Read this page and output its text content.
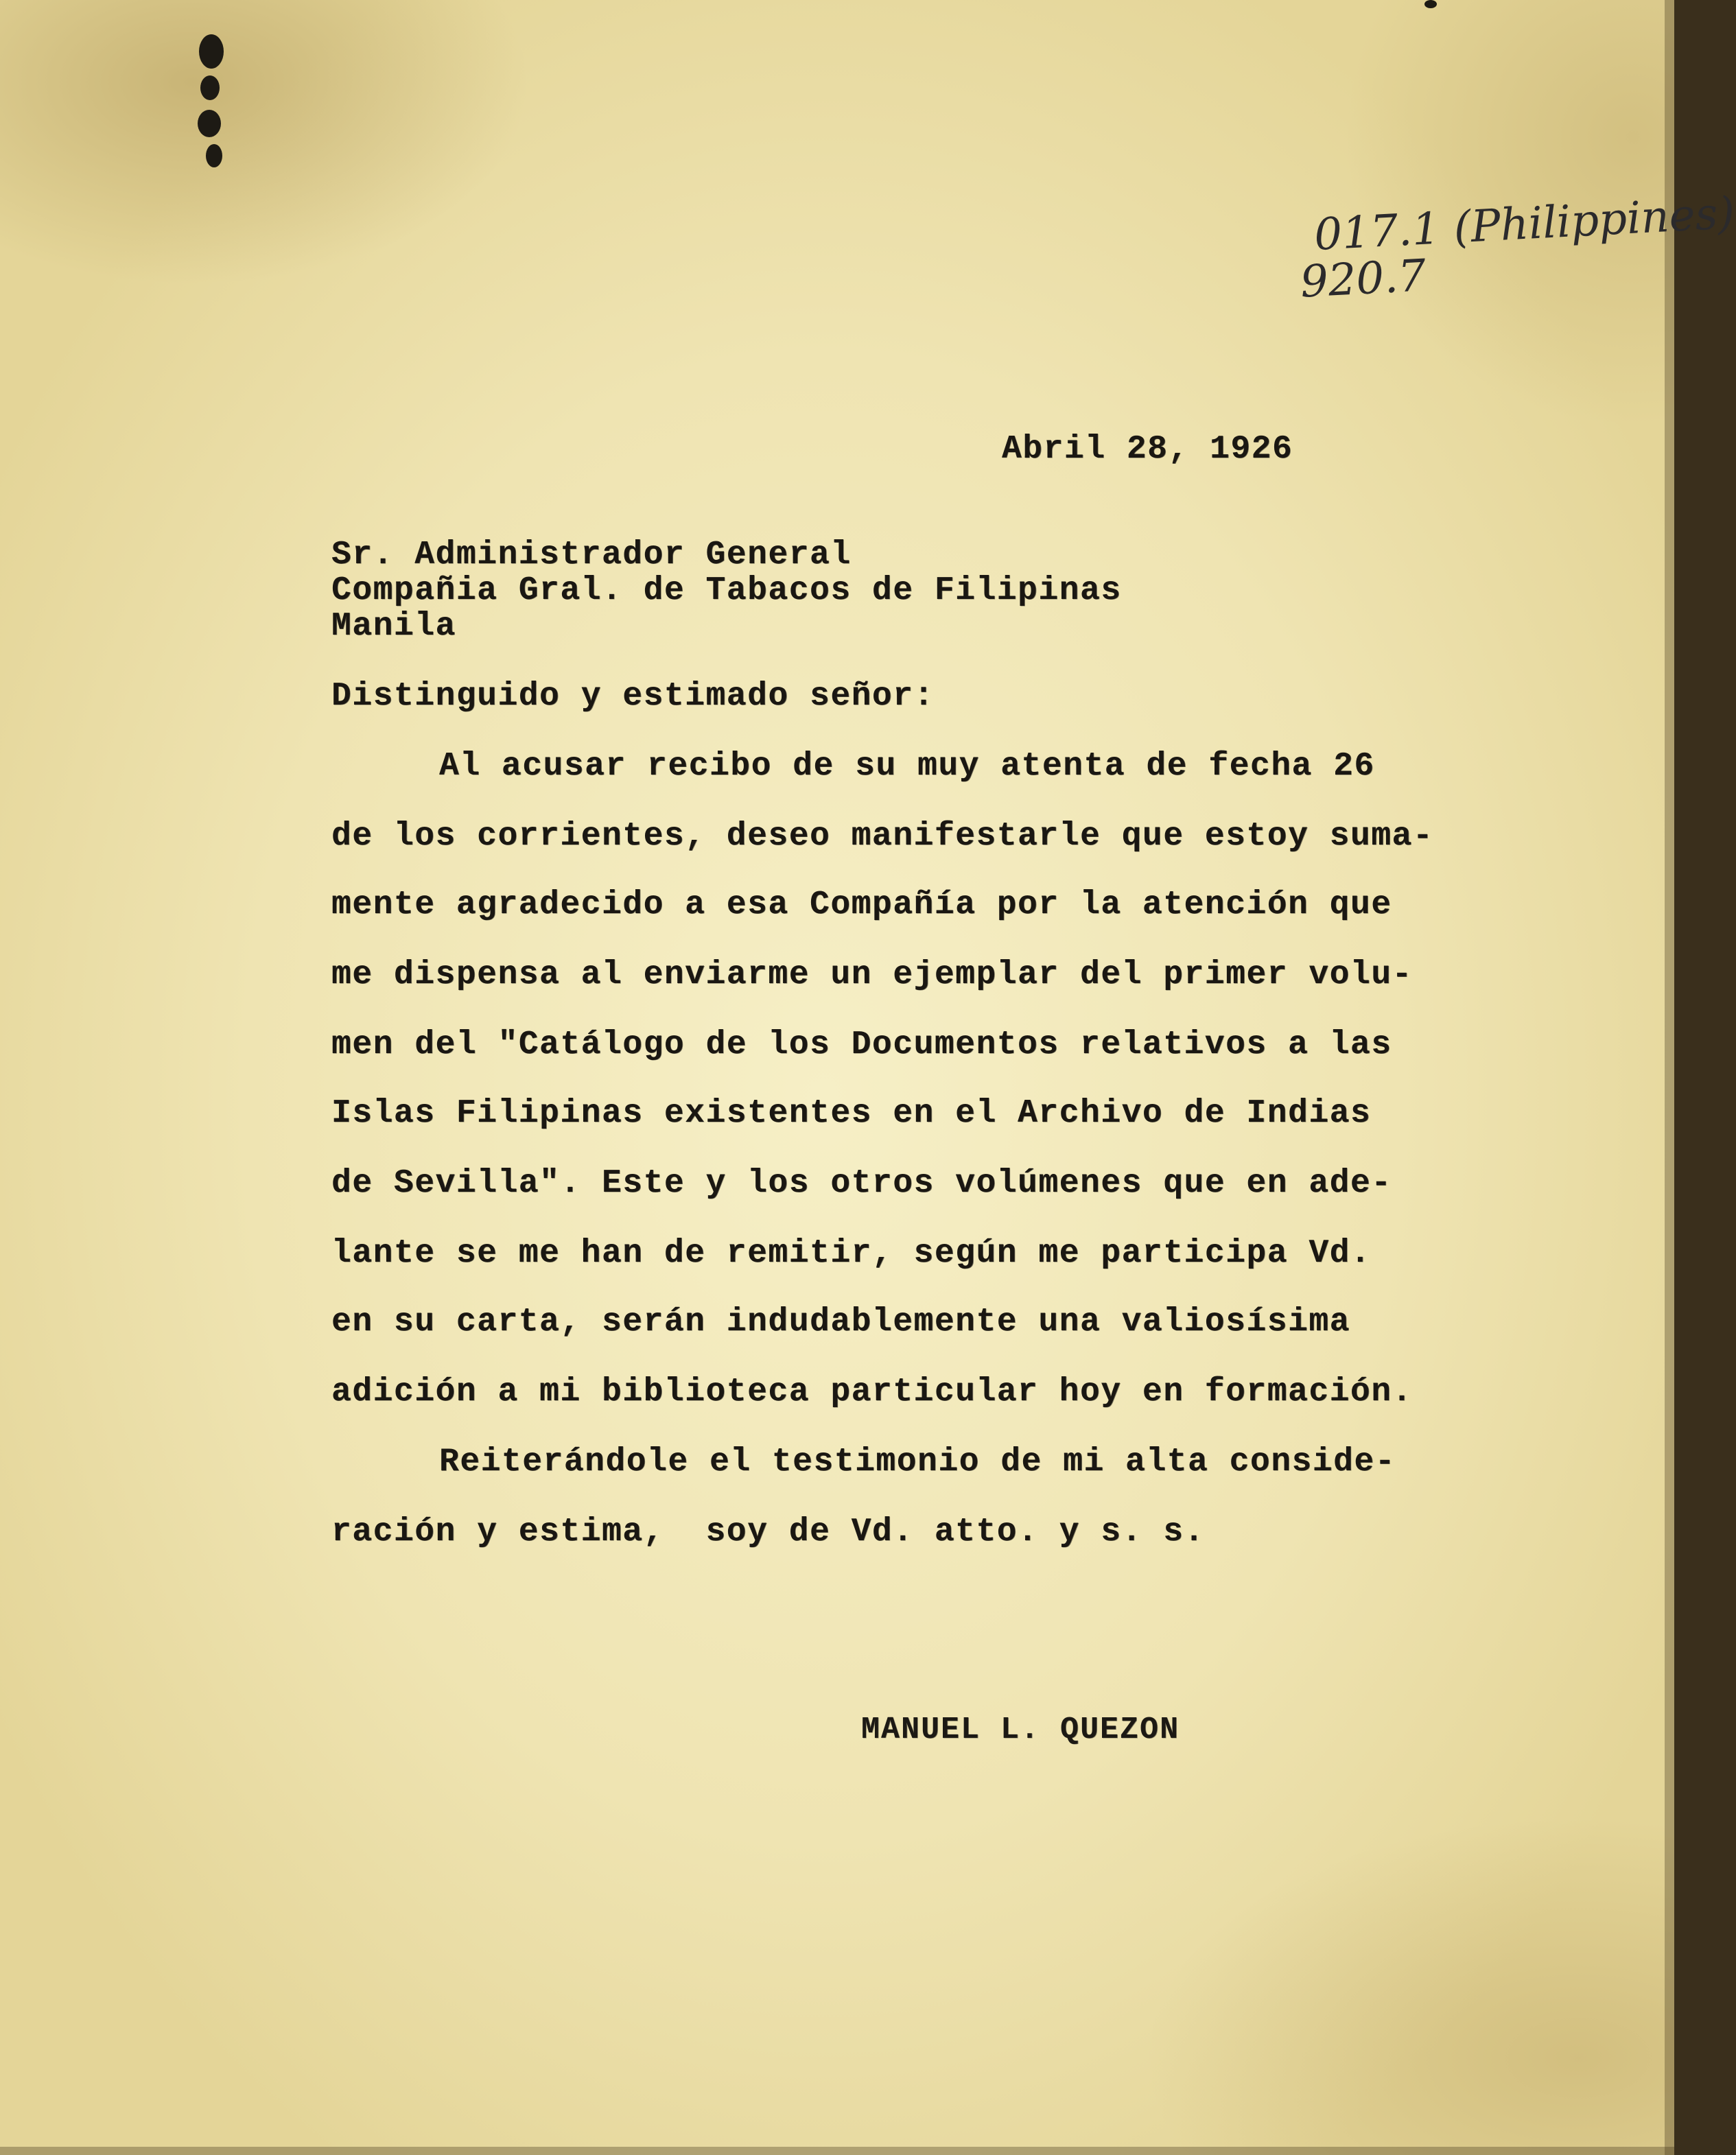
017.1 (Philippines)
920.7
Abril 28, 1926
Sr. Administrador General
Compañia Gral. de Tabacos de Filipinas
Manila
Distinguido y estimado señor:
Al acusar recibo de su muy atenta de fecha 26
de los corrientes, deseo manifestarle que estoy suma-
mente agradecido a esa Compañía por la atención que
me dispensa al enviarme un ejemplar del primer volu-
men del "Catálogo de los Documentos relativos a las
Islas Filipinas existentes en el Archivo de Indias
de Sevilla". Este y los otros volúmenes que en ade-
lante se me han de remitir, según me participa Vd.
en su carta, serán indudablemente una valiosísima
adición a mi biblioteca particular hoy en formación.
Reiterándole el testimonio de mi alta conside-
ración y estima,  soy de Vd. atto. y s. s.
MANUEL L. QUEZON
